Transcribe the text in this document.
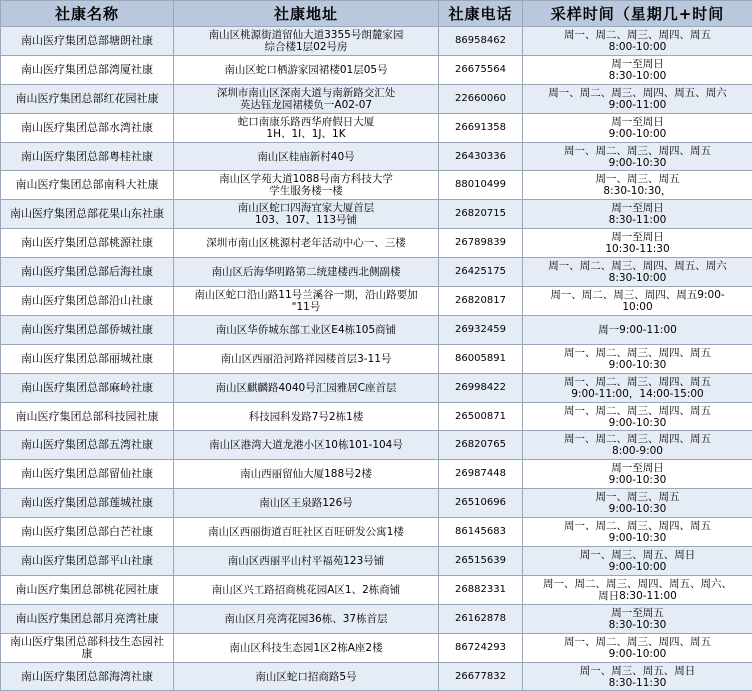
社康名称	社康地址	社康电话	采样时间（星期几+时间
南山医疗集团总部塘朗社康	南山区桃源街道留仙大道3355号朗麓家园
综合楼1层02号房	86958462	周一、周二、周三、周四、周五
8:00-10:00
南山医疗集团总部湾厦社康	南山区蛇口栖游家园裙楼01层05号	26675564	周一至周日
8:30-10:00
南山医疗集团总部红花园社康	深圳市南山区深南大道与南新路交汇处
英达钰龙园裙楼负一A02-07	22660060	周一、周二、周三、周四、周五、周六
9:00-11:00
南山医疗集团总部水湾社康	蛇口南康乐路西华府假日大厦
1H、1I、1J、1K	26691358	周一至周日
9:00-10:00
南山医疗集团总部粤桂社康	南山区桂庙新村40号	26430336	周一、周二、周三、周四、周五
9:00-10:30
南山医疗集团总部南科大社康	南山区学苑大道1088号南方科技大学
学生服务楼一楼	88010499	周一、周三、周五
8:30-10:30，
南山医疗集团总部花果山东社康	南山区蛇口四海宜家大厦首层
103、107、113号铺	26820715	周一至周日
8:30-11:00
南山医疗集团总部桃源社康	深圳市南山区桃源村老年活动中心一、三楼	26789839	周一至周日
10:30-11:30
南山医疗集团总部后海社康	南山区后海华明路第二统建楼西北侧副楼	26425175	周一、周二、周三、周四、周五、周六
8:30-10:00
南山医疗集团总部沿山社康	南山区蛇口沿山路11号兰溪谷一期，沿山路要加
"11号	26820817	周一、周二、周三、周四、周五9:00-
10:00
南山医疗集团总部侨城社康	南山区华侨城东部工业区E4栋105商铺	26932459	周一9:00-11:00
南山医疗集团总部丽城社康	南山区西丽沿河路祥园楼首层3-11号	86005891	周一、周二、周三、周四、周五
9:00-10:30
南山医疗集团总部麻岭社康	南山区麒麟路4040号汇园雅居C座首层	26998422	周一、周二、周三、周四、周五
9:00-11:00，14:00-15:00
南山医疗集团总部科技园社康	科技园科发路7号2栋1楼	26500871	周一、周二、周三、周四、周五
9:00-10:30
南山医疗集团总部五湾社康	南山区港湾大道龙港小区10栋101-104号	26820765	周一、周二、周三、周四、周五
8:00-9:00
南山医疗集团总部留仙社康	南山西丽留仙大厦188号2楼	26987448	周一至周日
9:00-10:30
南山医疗集团总部莲城社康	南山区王泉路126号	26510696	周一、周三、周五
9:00-10:30
南山医疗集团总部白芒社康	南山区西丽街道百旺社区百旺研发公寓1楼	86145683	周一、周二、周三、周四、周五
9:00-10:30
南山医疗集团总部平山社康	南山区西丽平山村平福苑123号铺	26515639	周一、周三、周五、周日
9:00-10:00
南山医疗集团总部桃花园社康	南山区兴工路招商桃花园A区1、2栋商铺	26882331	周一、周二、周三、周四、周五、周六、
周日8:30-11:00
南山医疗集团总部月亮湾社康	南山区月亮湾花园36栋、37栋首层	26162878	周一至周五
8:30-10:30
南山医疗集团总部科技生态园社
康	南山区科技生态园1区2栋A座2楼	86724293	周一、周二、周三、周四、周五
9:00-10:00
南山医疗集团总部海湾社康	南山区蛇口招商路5号	26677832	周一、周三、周五、周日
8:30-11:30
